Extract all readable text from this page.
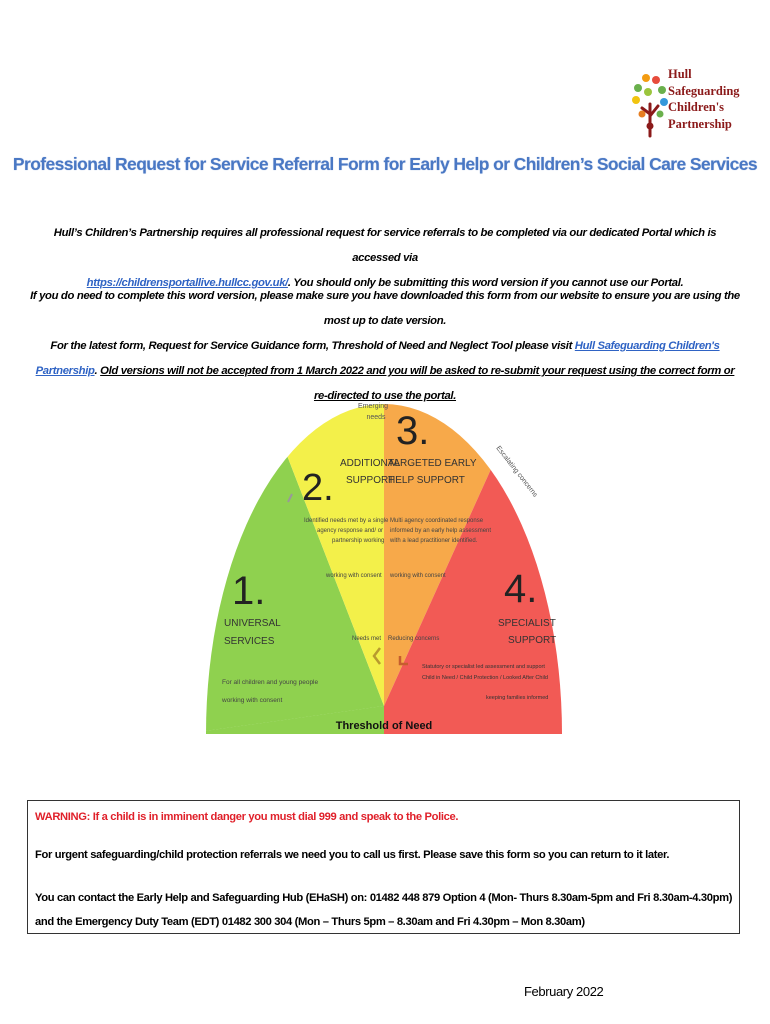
Hull
Safeguarding
Children's
Partnership
Professional Request for Service Referral Form for Early Help or Children’s Social Care Services
Hull’s Children’s Partnership requires all professional request for service referrals to be completed via our dedicated Portal which is accessed via
https://childrensportallive.hullcc.gov.uk/. You should only be submitting this word version if you cannot use our Portal.
If you do need to complete this word version, please make sure you have downloaded this form from our website to ensure you are using the most up to date version.
For the latest form, Request for Service Guidance form, Threshold of Need and Neglect Tool please visit Hull Safeguarding Children's Partnership. Old versions will not be accepted from 1 March 2022 and you will be asked to re-submit your request using the correct form or re-directed to use the portal.
Emerging needs
Escalating concerns
2.
ADDITIONAL SUPPORT
Identified needs met by a single agency response and/ or partnership working
working with consent
Needs met
3.
TARGETED EARLY HELP SUPPORT
Multi agency coordinated response informed by an early help assessment with a lead practitioner identified.
working with consent
Reducing concerns
1.
UNIVERSAL SERVICES
For all children and young people working with consent
4.
SPECIALIST SUPPORT
Statutory or specialist led assessment and support Child in Need / Child Protection / Looked After Child keeping families informed
Threshold of Need
WARNING: If a child is in imminent danger you must dial 999 and speak to the Police.
For urgent safeguarding/child protection referrals we need you to call us first. Please save this form so you can return to it later.
You can contact the Early Help and Safeguarding Hub (EHaSH) on: 01482 448 879 Option 4 (Mon- Thurs 8.30am-5pm and Fri 8.30am-4.30pm) and the Emergency Duty Team (EDT) 01482 300 304 (Mon – Thurs 5pm – 8.30am and Fri 4.30pm – Mon 8.30am)
February 2022
